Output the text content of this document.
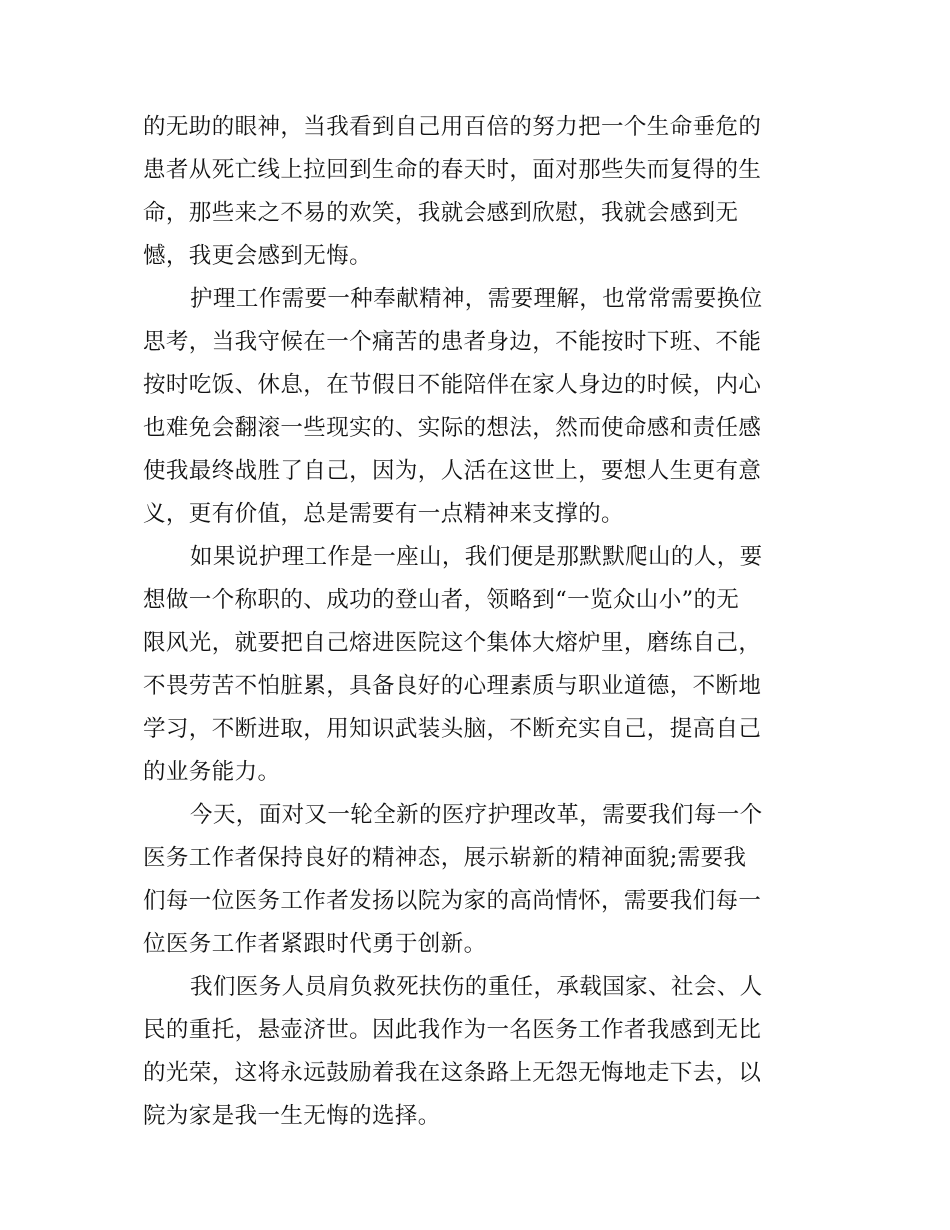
的无助的眼神，当我看到自己用百倍的努力把一个生命垂危的
患者从死亡线上拉回到生命的春天时，面对那些失而复得的生
命，那些来之不易的欢笑，我就会感到欣慰，我就会感到无
憾，我更会感到无悔。
护理工作需要一种奉献精神，需要理解，也常常需要换位
思考，当我守候在一个痛苦的患者身边，不能按时下班、不能
按时吃饭、休息，在节假日不能陪伴在家人身边的时候，内心
也难免会翻滚一些现实的、实际的想法，然而使命感和责任感
使我最终战胜了自己，因为，人活在这世上，要想人生更有意
义，更有价值，总是需要有一点精神来支撑的。
如果说护理工作是一座山，我们便是那默默爬山的人，要
想做一个称职的、成功的登山者，领略到“一览众山小”的无
限风光，就要把自己熔进医院这个集体大熔炉里，磨练自己，
不畏劳苦不怕脏累，具备良好的心理素质与职业道德，不断地
学习，不断进取，用知识武装头脑，不断充实自己，提高自己
的业务能力。
今天，面对又一轮全新的医疗护理改革，需要我们每一个
医务工作者保持良好的精神态，展示崭新的精神面貌;需要我
们每一位医务工作者发扬以院为家的高尚情怀，需要我们每一
位医务工作者紧跟时代勇于创新。
我们医务人员肩负救死扶伤的重任，承载国家、社会、人
民的重托，悬壶济世。因此我作为一名医务工作者我感到无比
的光荣，这将永远鼓励着我在这条路上无怨无悔地走下去，以
院为家是我一生无悔的选择。
